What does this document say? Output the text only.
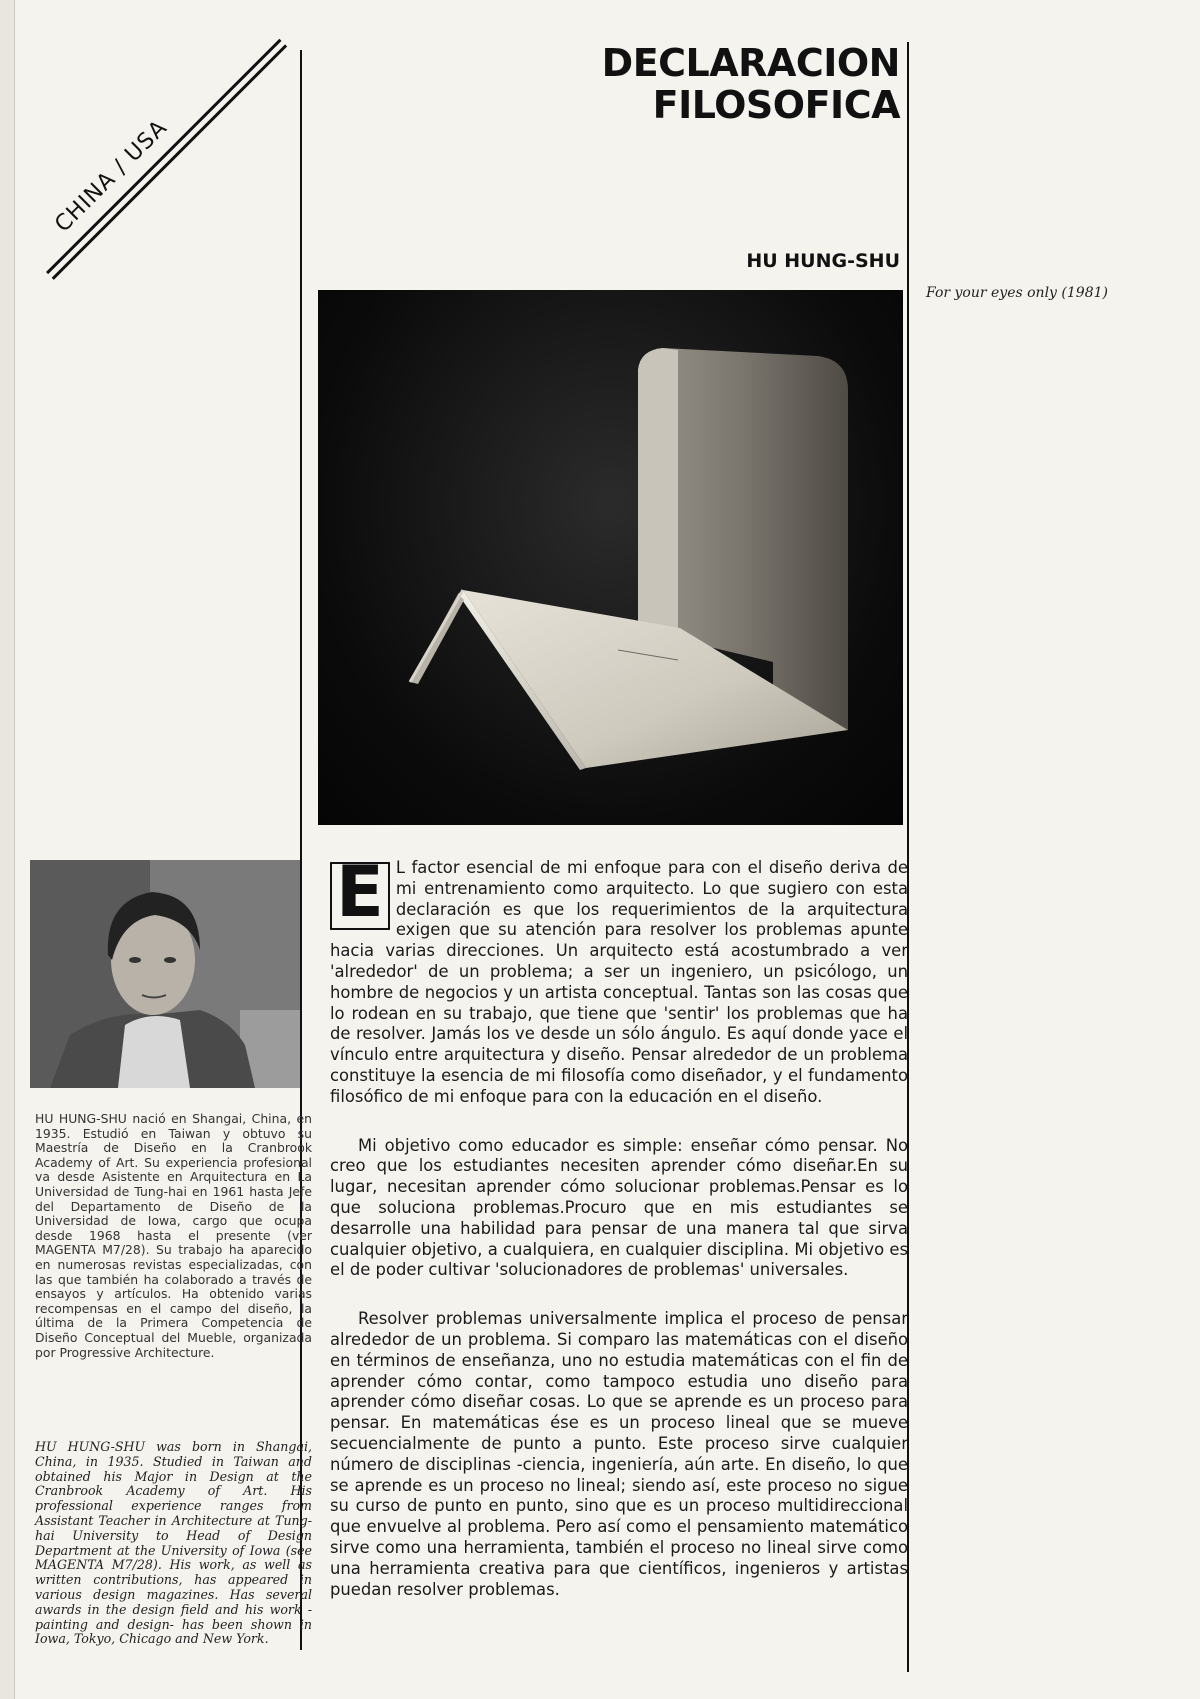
CHINA / USA
DECLARACION
FILOSOFICA
HU HUNG-SHU
For your eyes only (1981)
HU HUNG-SHU nació en Shangai, China, en 1935. Estudió en Taiwan y obtuvo su Maestría de Diseño en la Cranbrook Academy of Art. Su experiencia profesional va desde Asistente en Arquitectura en La Universidad de Tung-hai en 1961 hasta Jefe del Departamento de Diseño de la Universidad de Iowa, cargo que ocupa desde 1968 hasta el presente (ver MAGENTA M7/28). Su trabajo ha aparecido en numerosas revistas especializadas, con las que también ha colaborado a través de ensayos y artículos. Ha obtenido varias recompensas en el campo del diseño, la última de la Primera Competencia de Diseño Conceptual del Mueble, organizada por Progressive Architecture.
HU HUNG-SHU was born in Shangai, China, in 1935. Studied in Taiwan and obtained his Major in Design at the Cranbrook Academy of Art. His professional experience ranges from Assistant Teacher in Architecture at Tung-hai University to Head of Design Department at the University of Iowa (see MAGENTA M7/28). His work, as well as written contributions, has appeared in various design magazines. Has several awards in the design field and his work -painting and design- has been shown in Iowa, Tokyo, Chicago and New York.

E L factor esencial de mi enfoque para con el diseño deriva de mi entrenamiento como arquitecto. Lo que sugiero con esta declaración es que los requerimientos de la arquitectura exigen que su atención para resolver los problemas apunte hacia varias direcciones. Un arquitecto está acostumbrado a ver 'alrededor' de un problema; a ser un ingeniero, un psicólogo, un hombre de negocios y un artista conceptual. Tantas son las cosas que lo rodean en su trabajo, que tiene que 'sentir' los problemas que ha de resolver. Jamás los ve desde un sólo ángulo. Es aquí donde yace el vínculo entre arquitectura y diseño. Pensar alrededor de un problema constituye la esencia de mi filosofía como diseñador, y el fundamento filosófico de mi enfoque para con la educación en el diseño.

Mi objetivo como educador es simple: enseñar cómo pensar. No creo que los estudiantes necesiten aprender cómo diseñar.En su lugar, necesitan aprender cómo solucionar problemas.Pensar es lo que soluciona problemas.Procuro que en mis estudiantes se desarrolle una habilidad para pensar de una manera tal que sirva cualquier objetivo, a cualquiera, en cualquier disciplina. Mi objetivo es el de poder cultivar 'solucionadores de problemas' universales.

Resolver problemas universalmente implica el proceso de pensar alrededor de un problema. Si comparo las matemáticas con el diseño en términos de enseñanza, uno no estudia matemáticas con el fin de aprender cómo contar, como tampoco estudia uno diseño para aprender cómo diseñar cosas. Lo que se aprende es un proceso para pensar. En matemáticas ése es un proceso lineal que se mueve secuencialmente de punto a punto. Este proceso sirve cualquier número de disciplinas -ciencia, ingeniería, aún arte. En diseño, lo que se aprende es un proceso no lineal; siendo así, este proceso no sigue su curso de punto en punto, sino que es un proceso multidireccional que envuelve al problema. Pero así como el pensamiento matemático sirve como una herramienta, también el proceso no lineal sirve como una herramienta creativa para que científicos, ingenieros y artistas puedan resolver problemas.
